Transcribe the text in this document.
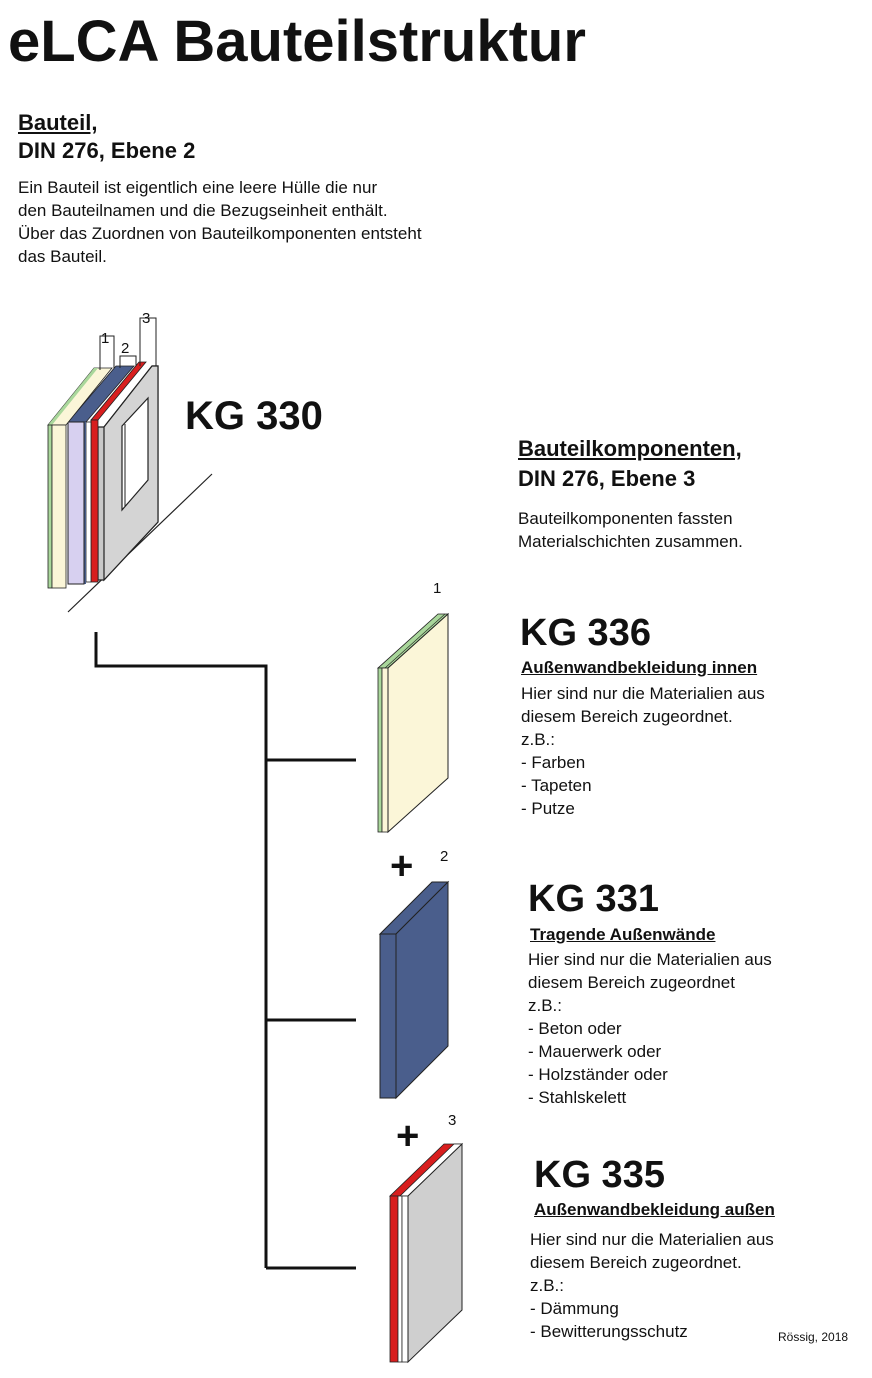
eLCA Bauteilstruktur
Bauteil,
DIN 276, Ebene 2
Ein Bauteil ist eigentlich eine leere Hülle die nur
den Bauteilnamen und die Bezugseinheit enthält.
Über das Zuordnen von Bauteilkomponenten entsteht
das Bauteil.
1
2
3
KG 330
Bauteilkomponenten,
DIN 276, Ebene 3
Bauteilkomponenten fassten
Materialschichten zusammen.
1
KG 336
Außenwandbekleidung innen
Hier sind nur die Materialien aus
diesem Bereich zugeordnet.
z.B.:
- Farben
- Tapeten
- Putze
+ 2
KG 331
Tragende Außenwände
Hier sind nur die Materialien aus
diesem Bereich zugeordnet
z.B.:
- Beton oder
- Mauerwerk oder
- Holzständer oder
- Stahlskelett
+ 3
KG 335
Außenwandbekleidung außen
Hier sind nur die Materialien aus
diesem Bereich zugeordnet.
z.B.:
- Dämmung
- Bewitterungsschutz	Rössig, 2018
